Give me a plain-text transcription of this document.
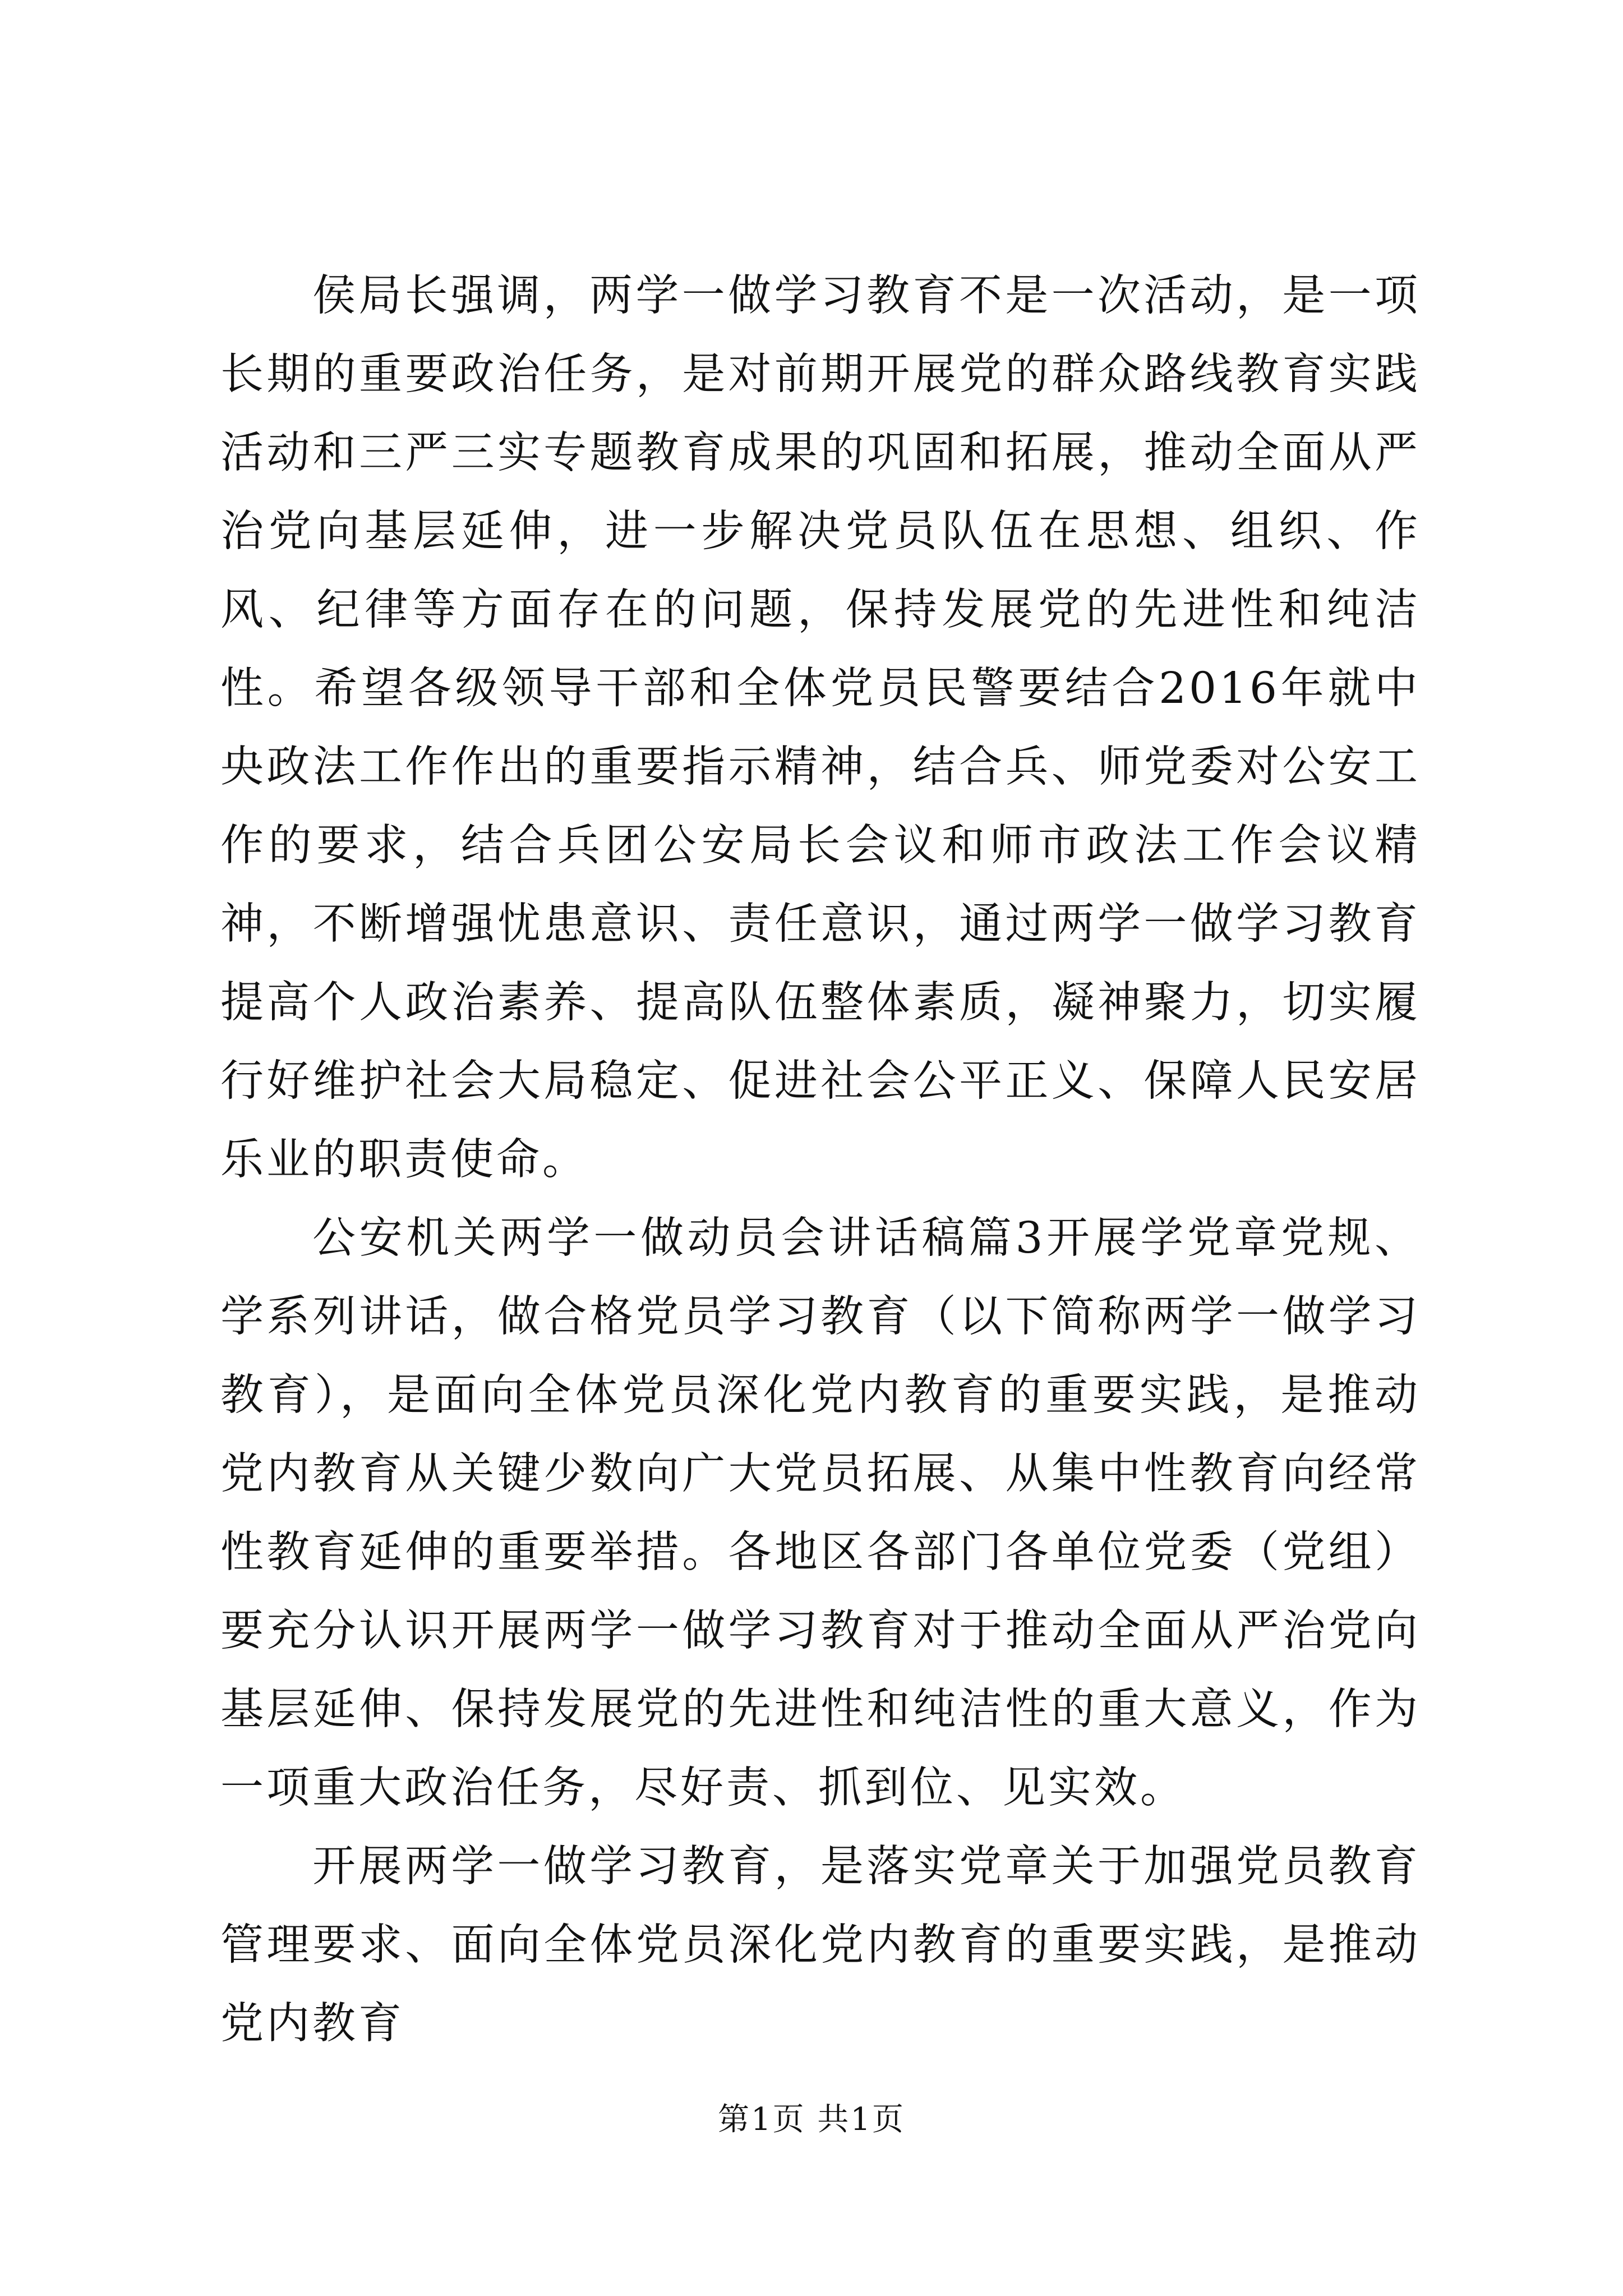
侯局长强调，两学一做学习教育不是一次活动，是一项长期的重要政治任务，是对前期开展党的群众路线教育实践活动和三严三实专题教育成果的巩固和拓展，推动全面从严治党向基层延伸，进一步解决党员队伍在思想、组织、作风、纪律等方面存在的问题，保持发展党的先进性和纯洁性。希望各级领导干部和全体党员民警要结合2016年就中央政法工作作出的重要指示精神，结合兵、师党委对公安工作的要求，结合兵团公安局长会议和师市政法工作会议精神，不断增强忧患意识、责任意识，通过两学一做学习教育提高个人政治素养、提高队伍整体素质，凝神聚力，切实履行好维护社会大局稳定、促进社会公平正义、保障人民安居乐业的职责使命。

公安机关两学一做动员会讲话稿篇3开展学党章党规、学系列讲话，做合格党员学习教育（以下简称两学一做学习教育），是面向全体党员深化党内教育的重要实践，是推动党内教育从关键少数向广大党员拓展、从集中性教育向经常性教育延伸的重要举措。各地区各部门各单位党委（党组）要充分认识开展两学一做学习教育对于推动全面从严治党向基层延伸、保持发展党的先进性和纯洁性的重大意义，作为一项重大政治任务，尽好责、抓到位、见实效。

开展两学一做学习教育，是落实党章关于加强党员教育管理要求、面向全体党员深化党内教育的重要实践，是推动党内教育

第1页 共1页
